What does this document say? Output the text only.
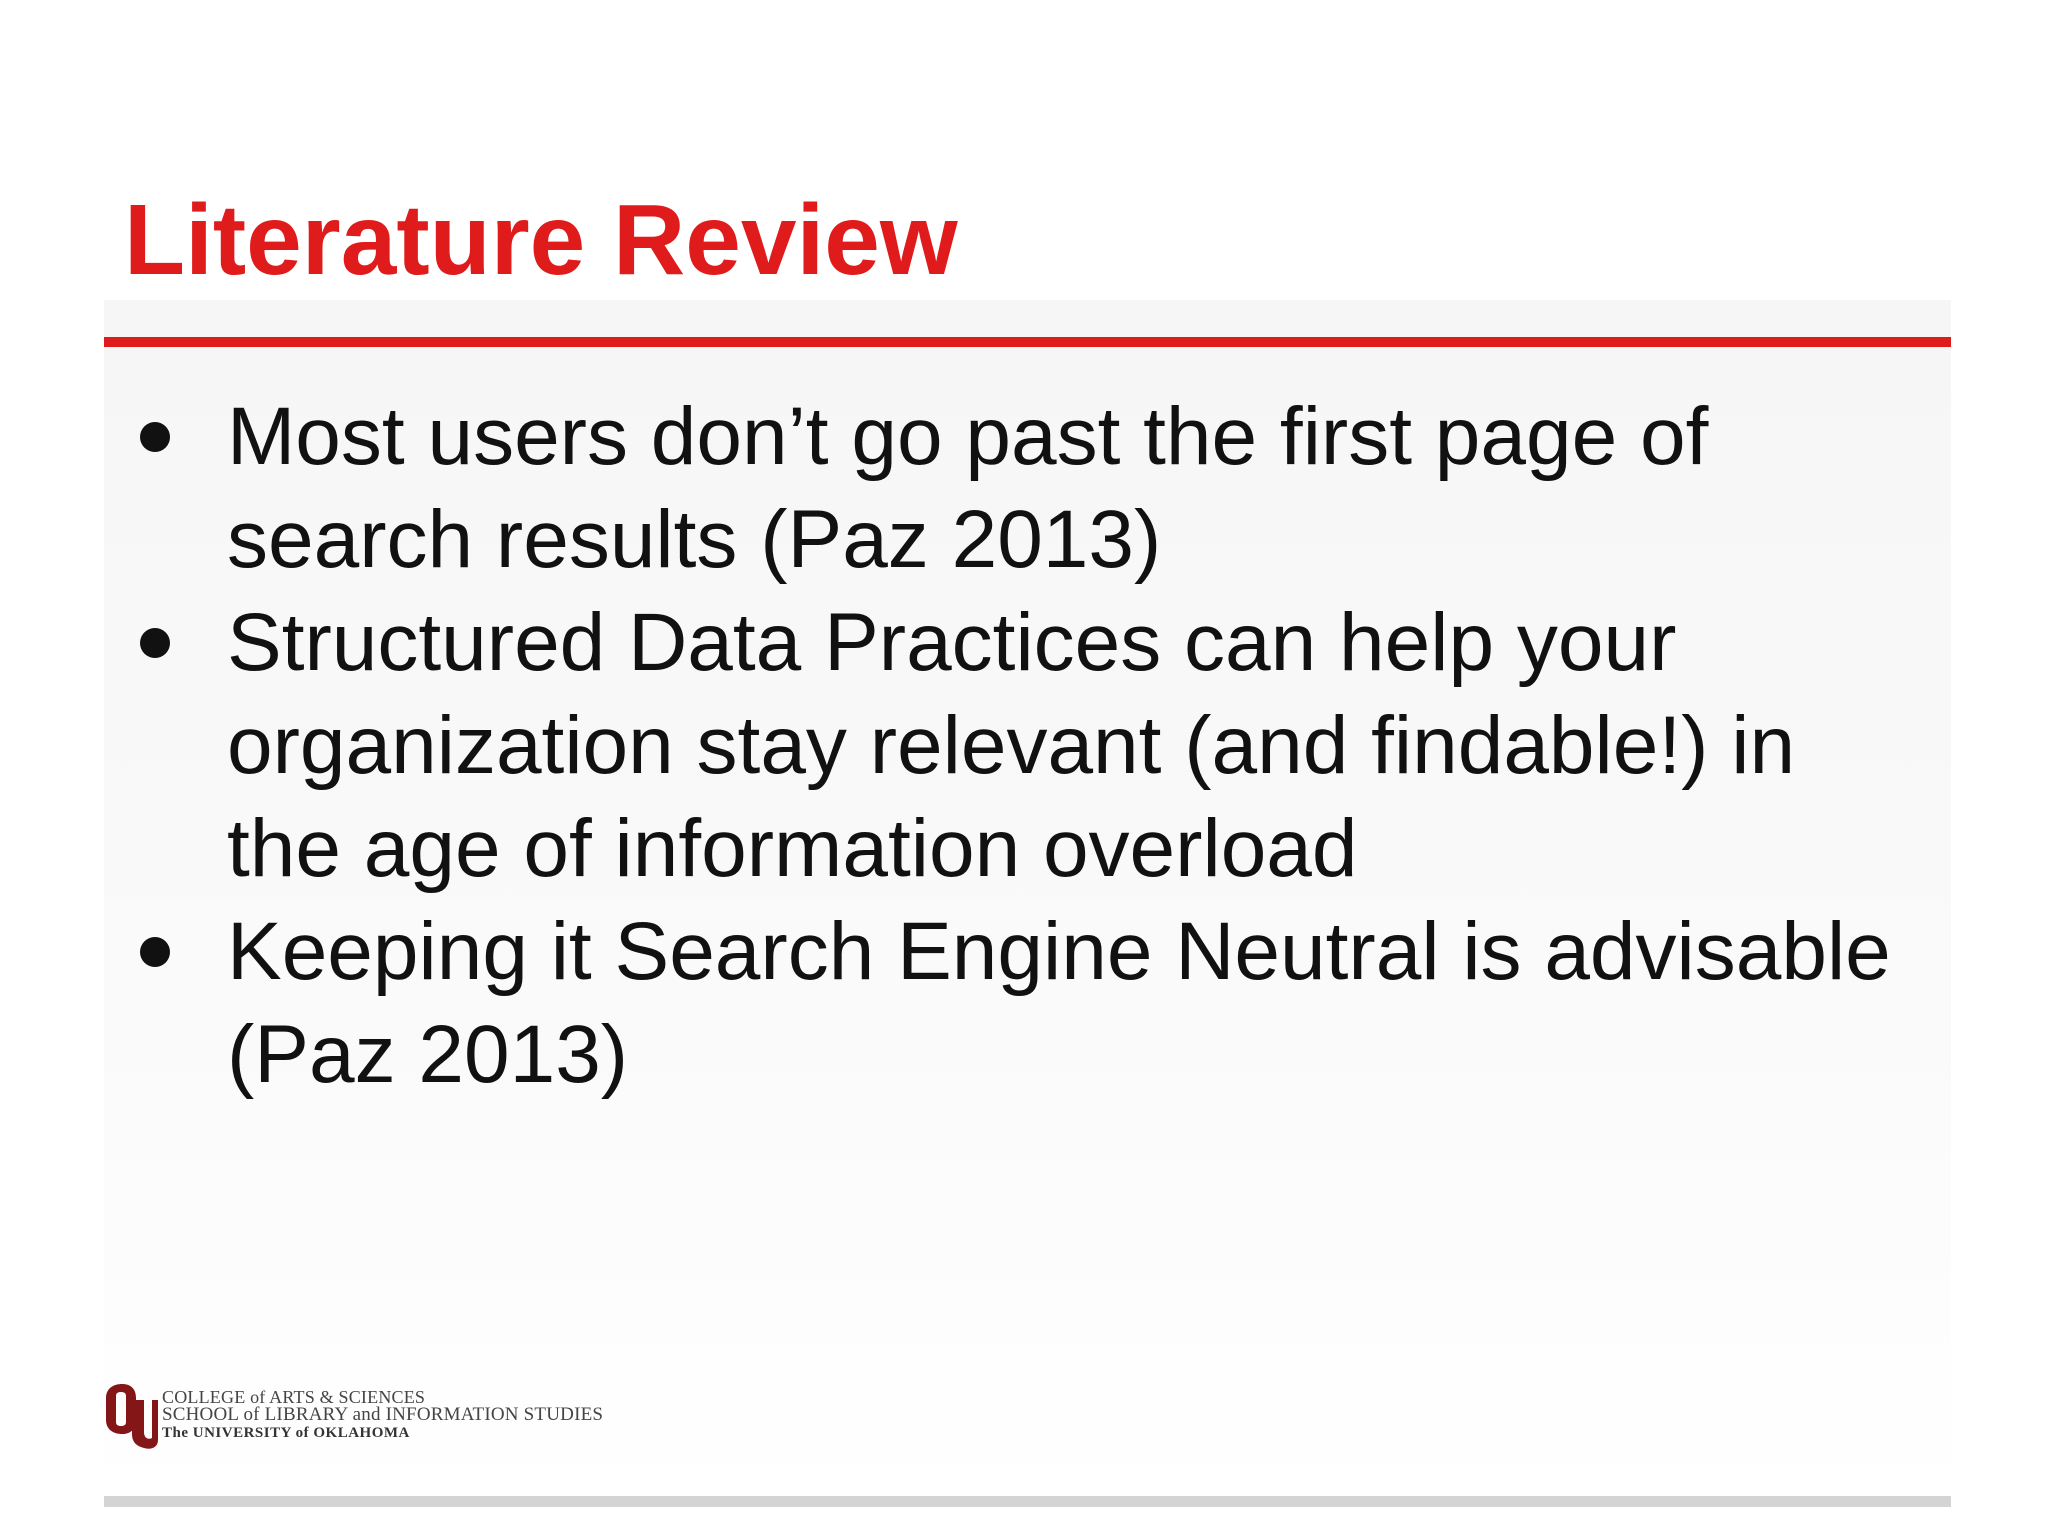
Literature Review
Most users don’t go past the first page of search results (Paz 2013)
Structured Data Practices can help your organization stay relevant (and findable!) in the age of information overload
Keeping it Search Engine Neutral is advisable (Paz 2013)
COLLEGE of ARTS & SCIENCES
SCHOOL of LIBRARY and INFORMATION STUDIES
The UNIVERSITY of OKLAHOMA
